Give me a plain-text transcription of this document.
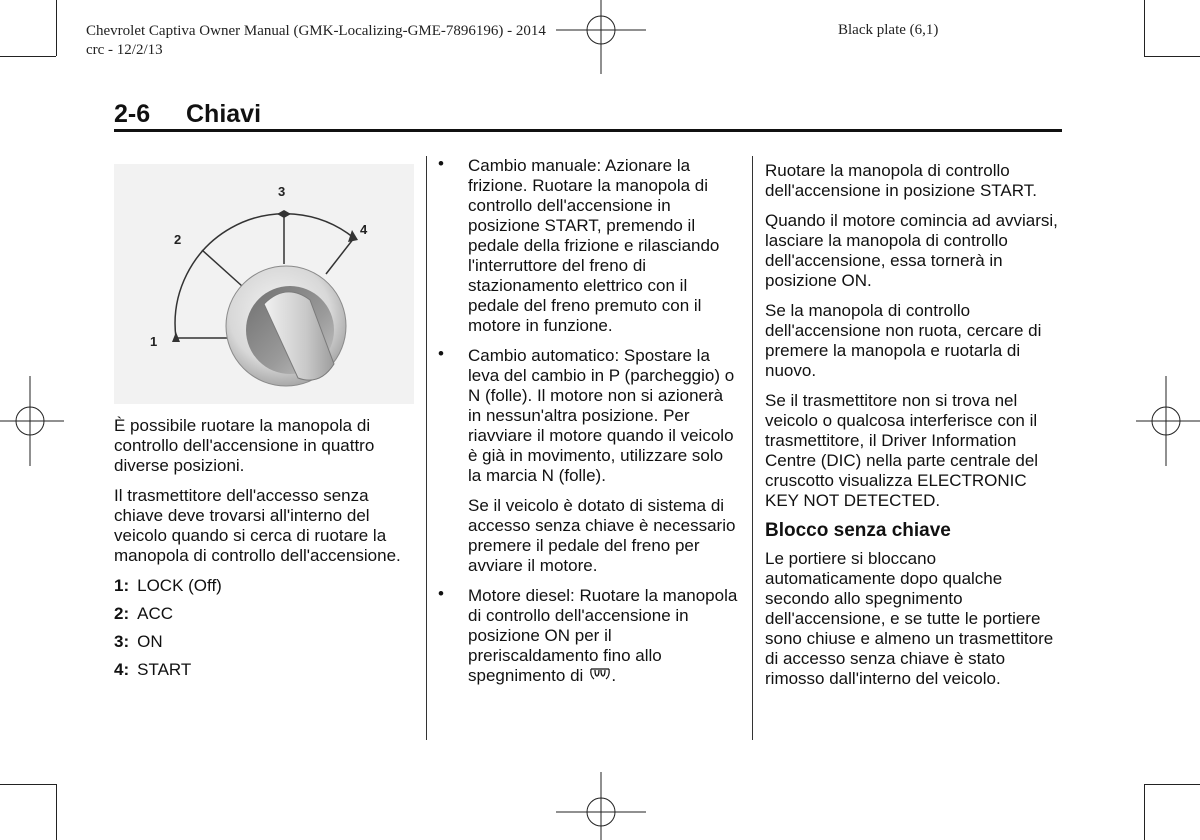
Chevrolet Captiva Owner Manual (GMK-Localizing-GME-7896196) - 2014
crc - 12/2/13
Black plate (6,1)
2-6 Chiavi
1
2
3
4

È possibile ruotare la manopola di controllo dell'accensione in quattro diverse posizioni.

Il trasmettitore dell'accesso senza chiave deve trovarsi all'interno del veicolo quando si cerca di ruotare la manopola di controllo dell'accensione.

1: LOCK (Off)
2: ACC
3: ON
4: START
• Cambio manuale: Azionare la frizione. Ruotare la manopola di controllo dell'accensione in posizione START, premendo il pedale della frizione e rilasciando l'interruttore del freno di stazionamento elettrico con il pedale del freno premuto con il motore in funzione.
• Cambio automatico: Spostare la leva del cambio in P (parcheggio) o N (folle). Il motore non si azionerà in nessun'altra posizione. Per riavviare il motore quando il veicolo è già in movimento, utilizzare solo la marcia N (folle).
Se il veicolo è dotato di sistema di accesso senza chiave è necessario premere il pedale del freno per avviare il motore.
• Motore diesel: Ruotare la manopola di controllo dell'accensione in posizione ON per il preriscaldamento fino allo spegnimento di .

Ruotare la manopola di controllo dell'accensione in posizione START.

Quando il motore comincia ad avviarsi, lasciare la manopola di controllo dell'accensione, essa tornerà in posizione ON.

Se la manopola di controllo dell'accensione non ruota, cercare di premere la manopola e ruotarla di nuovo.

Se il trasmettitore non si trova nel veicolo o qualcosa interferisce con il trasmettitore, il Driver Information Centre (DIC) nella parte centrale del cruscotto visualizza ELECTRONIC KEY NOT DETECTED.

Blocco senza chiave

Le portiere si bloccano automaticamente dopo qualche secondo allo spegnimento dell'accensione, e se tutte le portiere sono chiuse e almeno un trasmettitore di accesso senza chiave è stato rimosso dall'interno del veicolo.
